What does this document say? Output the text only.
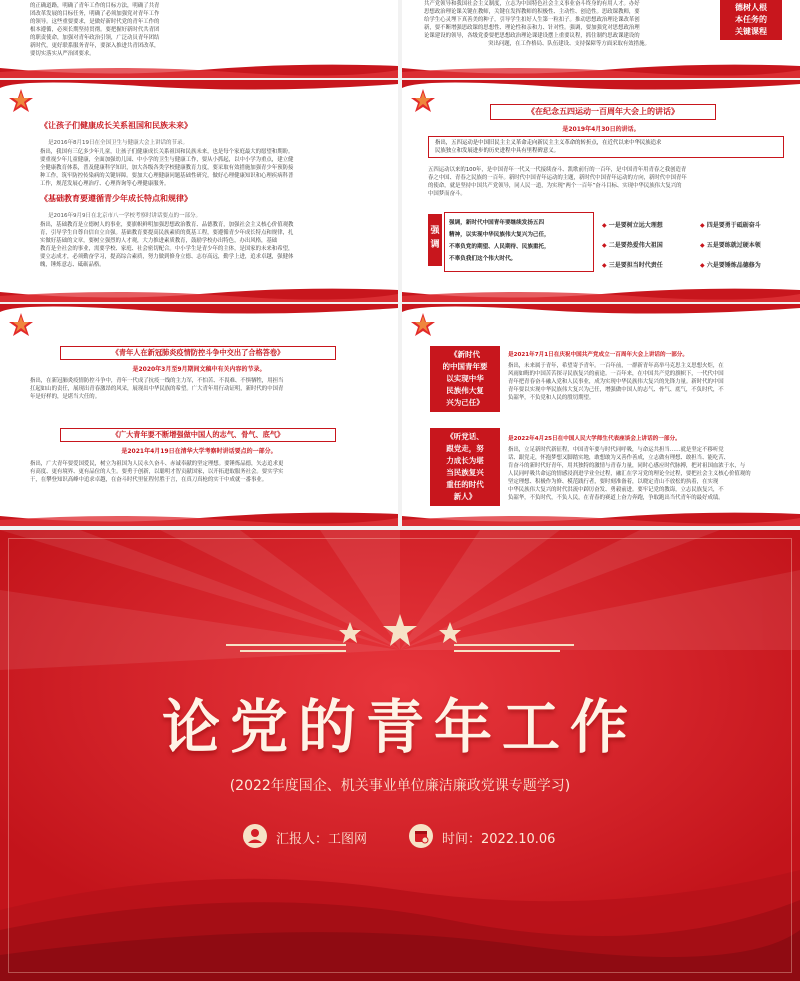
的正确道路，明确了青年工作的目标方法，明确了共青
团改革发展的目标任务，明确了必须加强党对青年工作
的领导。这些重要要求，是做好新时代党的青年工作的
根本遵循，必须长期坚持贯彻。要把握好新时代共青团
的职责使命，加强对青年政治引领，广泛动员青年团结
新时代，更好联系服务青年，要深入推进共青团改革，
要切实落实从严治团要求。
共产党领导和我国社会主义制度，立志为中国特色社会主义事业奋斗终身的有用人才。办好
思想政治理论课关键在教师，关键在发挥教师的积极性、主动性、创造性。思政课教师，要
给学生心灵埋下真善美的种子，引导学生扣好人生第一粒扣子。推动思想政治理论课改革创
新，要不断增强思政课的思想性、理论性和亲和力、针对性。强调，要加强党对思想政治理
论课建设的领导，各级党委要把思想政治理论课建设摆上重要议程，抓住制约思政课建设的
突出问题，在工作格局、队伍建设、支持保障等方面采取有效措施。
德树人根
本任务的
关键课程
《让孩子们健康成长关系祖国和民族未来》
是2016年8月19日在全国卫生与健康大会上讲话的节录。
指出，我国有三亿多少年儿童，让孩子们健康成长关系祖国和民族未来，也是每个家庭最大的愿望和期盼。
要重视少年儿童健康，全面加强幼儿园、中小学的卫生与健康工作，要从小抓起，以中小学为重点，建立健
全健康教育体系，普及健康科学知识，加大各级各类学校健康教育力度，要采取有效措施加强青少年预防接
种工作，筑牢防控传染病的关键屏障。要加大心理健康问题基础性研究，做好心理健康知识和心理疾病科普
工作，规范发展心理治疗、心理咨询等心理健康服务。
《基础教育要遵循青少年成长特点和规律》
是2016年9月9日在北京市八一学校考察时讲话要点的一部分。
指出，基础教育是立德树人的事业，要旗帜鲜明加强思想政治教育、品德教育，加强社会主义核心价值观教
育，引导学生自尊自信自立自强。基础教育要提高民族素质的奠基工程，要遵循青少年成长特点和规律，扎
实做好基础的文章，要树立强烈的人才观，大力推进素质教育，鼓励学校办出特色，办出风格，基础
教育是全社会的事业，需要学校、家庭、社会密切配合。中小学生是青少年的主体，是国家的未来和希望，
要立志成才，必须勤奋学习，提高综合素质，努力做到修身立德、志存高远，勤学上进，追求卓越，强健体
魄，锤炼意志、砥砺品格。
《在纪念五四运动一百周年大会上的讲话》
是2019年4月30日的讲话。
指出，五四运动是中国旧民主主义革命走向新民主主义革命的转折点，在近代以来中华民族追求
民族独立和发展进步的历史进程中具有里程碑意义。
五四运动以来的100年，是中国青年一代又一代接续奋斗、凯歌前行的一百年，是中国青年用青春之我创造青
春之中国、青春之民族的一百年。新时代中国青年运动的主题，新时代中国青年运动的方向，新时代中国青年
的使命，就是坚持中国共产党领导，同人民一道，为实现“两个一百年”奋斗目标、实现中华民族伟大复兴的
中国梦而奋斗。
强
调
强调，新时代中国青年要继续发扬五四
精神，以实现中华民族伟大复兴为己任，
不辜负党的期望、人民期待、民族重托，
不辜负我们这个伟大时代。
◆ 一是要树立远大理想	◆ 四是要勇于砥砺奋斗
◆ 二是要热爱伟大祖国	◆ 五是要练就过硬本领
◆ 三是要担当时代责任	◆ 六是要锤炼品德修为
《青年人在新冠肺炎疫情防控斗争中交出了合格答卷》
是2020年3月至9月期间文稿中有关内容的节录。
指出，在新冠肺炎疫情防控斗争中，青年一代成了抗疫一线的主力军，不怕苦、不畏难、不惧牺牲，用担当
扛起如山的责任，展现出青春激昂的风采，展现出中华民族的希望。广大青年用行动证明，新时代的中国青
年是好样的，是堪当大任的。
《广大青年要不断增强做中国人的志气、骨气、底气》
是2021年4月19日在清华大学考察时讲话要点的一部分。
指出，广大青年要爱国爱民，树立为祖国为人民永久奋斗、赤诚奉献的坚定理想。要锤炼品德，矢志追求更
有高度、更有境界、更有品位的人生。要勇于创新，以聪明才智贡献国家，以开拓进取服务社会。要实学实
干，在攀登知识高峰中追求卓越，在奋斗时代里征程付胜于言，在真刀真枪的实干中成就一番事业。
《新时代
的中国青年要
以实现中华
民族伟大复
兴为己任》
是2021年7月1日在庆祝中国共产党成立一百周年大会上讲话的一部分。
指出，未来属于青年，希望寄予青年。一百年前，一群新青年高举马克思主义思想火炬，在
风雨如晦的中国苦苦探寻民族复兴的前途。一百年来，在中国共产党的旗帜下，一代代中国
青年把青春奋斗融入党和人民事业，成为实现中华民族伟大复兴的先锋力量。新时代的中国
青年要以实现中华民族伟大复兴为己任，增强做中国人的志气、骨气、底气，不负时代，不
负韶华，不负党和人民的殷切期望。
《听党话、
跟党走，努
力成长为堪
当民族复兴
重任的时代
新人》
是2022年4月25日在中国人民大学师生代表座谈会上讲话的一部分。
指出，立足新时代新征程，中国青年要与时代同呼吸，与命运共担当……就是坚定不移听党
话、跟党走，怀抱梦想又脚踏实地，敢想敢为又善作善成，立志做有理想、敢担当、能吃苦、
肯奋斗的新时代好青年，用其独特的激情与青春力量，同时心感应时代脉搏，把对祖国血浓于水，与
人民同呼吸共命运的情感浸润进学业全过程，融汇在学习党的理论全过程，要把社会主义核心价值观的
坚定理想、积极作为修、模范践行者，要时刻准备着，以晓定青山不放松的执着，在实现
中华民族伟大复兴的时代洪流中踔厉奋发、勇毅前进。要牢记党的教诲，立志民族复兴，不
负韶华，不负时代，不负人民，在青春的赛道上奋力奔跑，争取跑出当代青年的最好成绩。
论党的青年工作
(2022年度国企、机关事业单位廉洁廉政党课专题学习)
汇报人：工图网	时间：2022.10.06
